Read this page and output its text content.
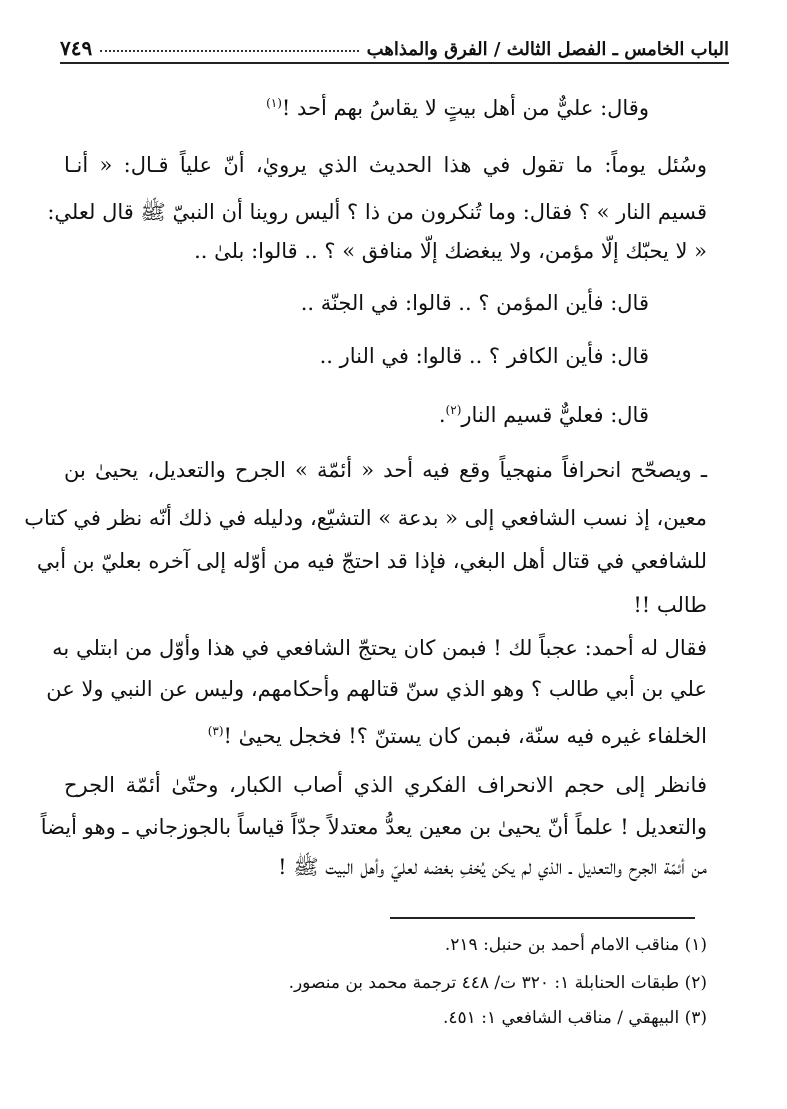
الباب الخامس ـ الفصل الثالث / الفرق والمذاهب
٧٤٩
وقال: عليٌّ من أهل بيتٍ لا يقاسُ بهم أحد !$^{(١)}$
وسُئل يوماً: ما تقول في هذا الحديث الذي يرويٰ، أنّ علياً قـال: « أنـا
قسيم النار » ؟ فقال: وما تُنكرون من ذا ؟ أليس روينا أن النبيّ ﷺ قال لعلي:
« لا يحبّك إلّا مؤمن، ولا يبغضك إلّا منافق » ؟ .. قالوا: بلىٰ ..
قال: فأين المؤمن ؟ .. قالوا: في الجنّة ..
قال: فأين الكافر ؟ .. قالوا: في النار ..
قال: فعليٌّ قسيم النار$^{(٢)}$.
ـ ويصحّح انحرافاً منهجياً وقع فيه أحد « أئمّة » الجرح والتعديل، يحيىٰ بن
معين، إذ نسب الشافعي إلى « بدعة » التشيّع، ودليله في ذلك أنّه نظر في كتاب
للشافعي في قتال أهل البغي، فإذا قد احتجّ فيه من أوّله إلى آخره بعليّ بن أبي
طالب !!
فقال له أحمد: عجباً لك ! فبمن كان يحتجّ الشافعي في هذا وأوّل من ابتلي به
علي بن أبي طالب ؟ وهو الذي سنّ قتالهم وأحكامهم، وليس عن النبي ولا عن
الخلفاء غيره فيه سنّة، فبمن كان يستنّ ؟! فخجل يحيىٰ !$^{(٣)}$
فانظر إلى حجم الانحراف الفكري الذي أصاب الكبار، وحتّىٰ أئمّة الجرح
والتعديل ! علماً أنّ يحيىٰ بن معين يعدُّ معتدلاً جدّاً قياساً بالجوزجاني ـ وهو أيضاً
من أئمّة الجرح والتعديل ـ الذي لم يكن يُخفِ بغضه لعليّ وأهل البيت ﷺ !
(١) مناقب الامام أحمد بن حنبل: ٢١٩.
(٢) طبقات الحنابلة ١: ٣٢٠ ت/ ٤٤٨ ترجمة محمد بن منصور.
(٣) البيهقي / مناقب الشافعي ١: ٤٥١.
